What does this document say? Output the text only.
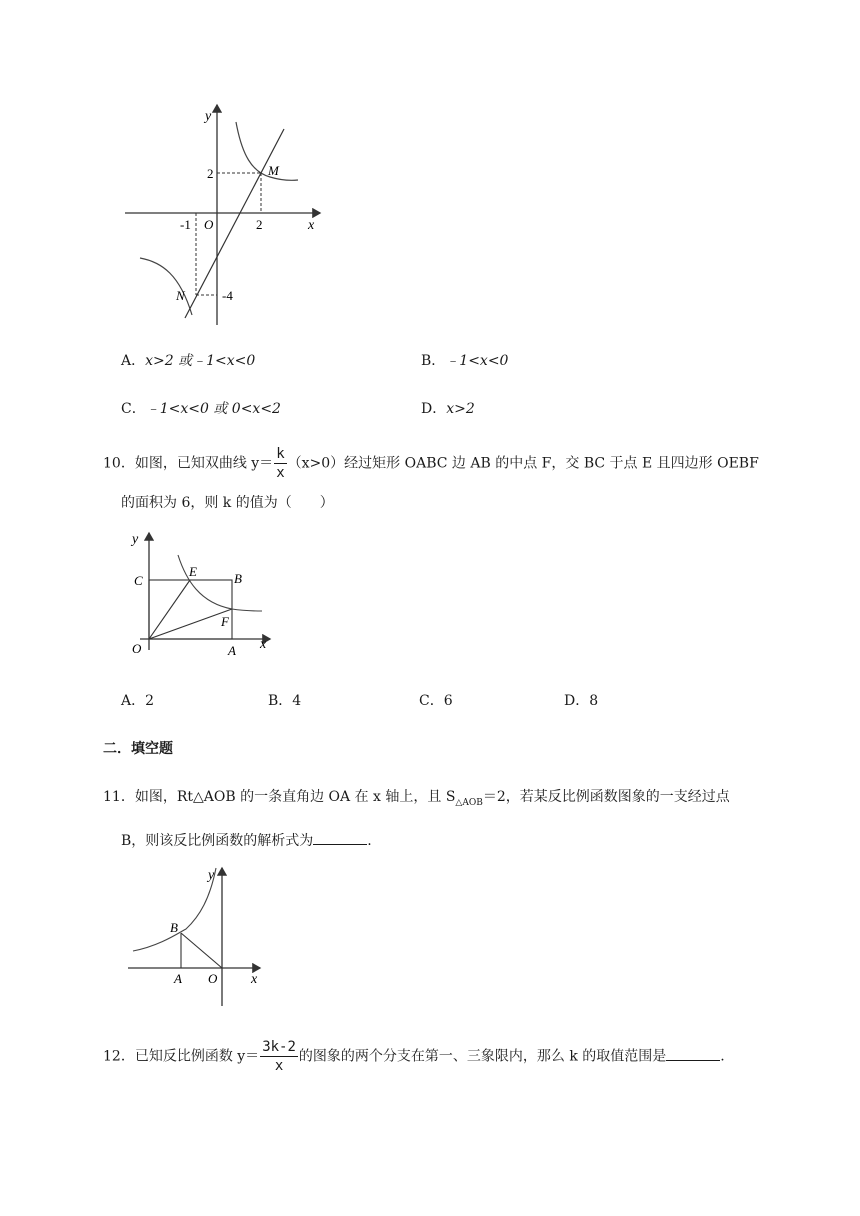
y
x
O
M
N
2
2
-1
-4
A．x>2 或﹣1<x<0	B．﹣1<x<0
C．﹣1<x<0 或 0<x<2	D．x>2
10．如图，已知双曲线 $y= \frac{k}{x} (x>0)$经过矩形 OABC 边 AB 的中点 F，交 BC 于点 E 且四边形 OEBF
的面积为 6，则 k 的值为（　　）
y
x
O	A
B
C
E
F
A．2	B．4	C．6	D．8
二．填空题
11．如图，Rt△AOB 的一条直角边 OA 在 x 轴上，且 $S_{\triangle AOB}=2$，若某反比例函数图象的一支经过点
B，则该反比例函数的解析式为	.
y
x
O
A
B
12．已知反比例函数 $y= \frac{3k-2}{x}$ 的图象的两个分支在第一、三象限内，那么 k 的取值范围是	.
